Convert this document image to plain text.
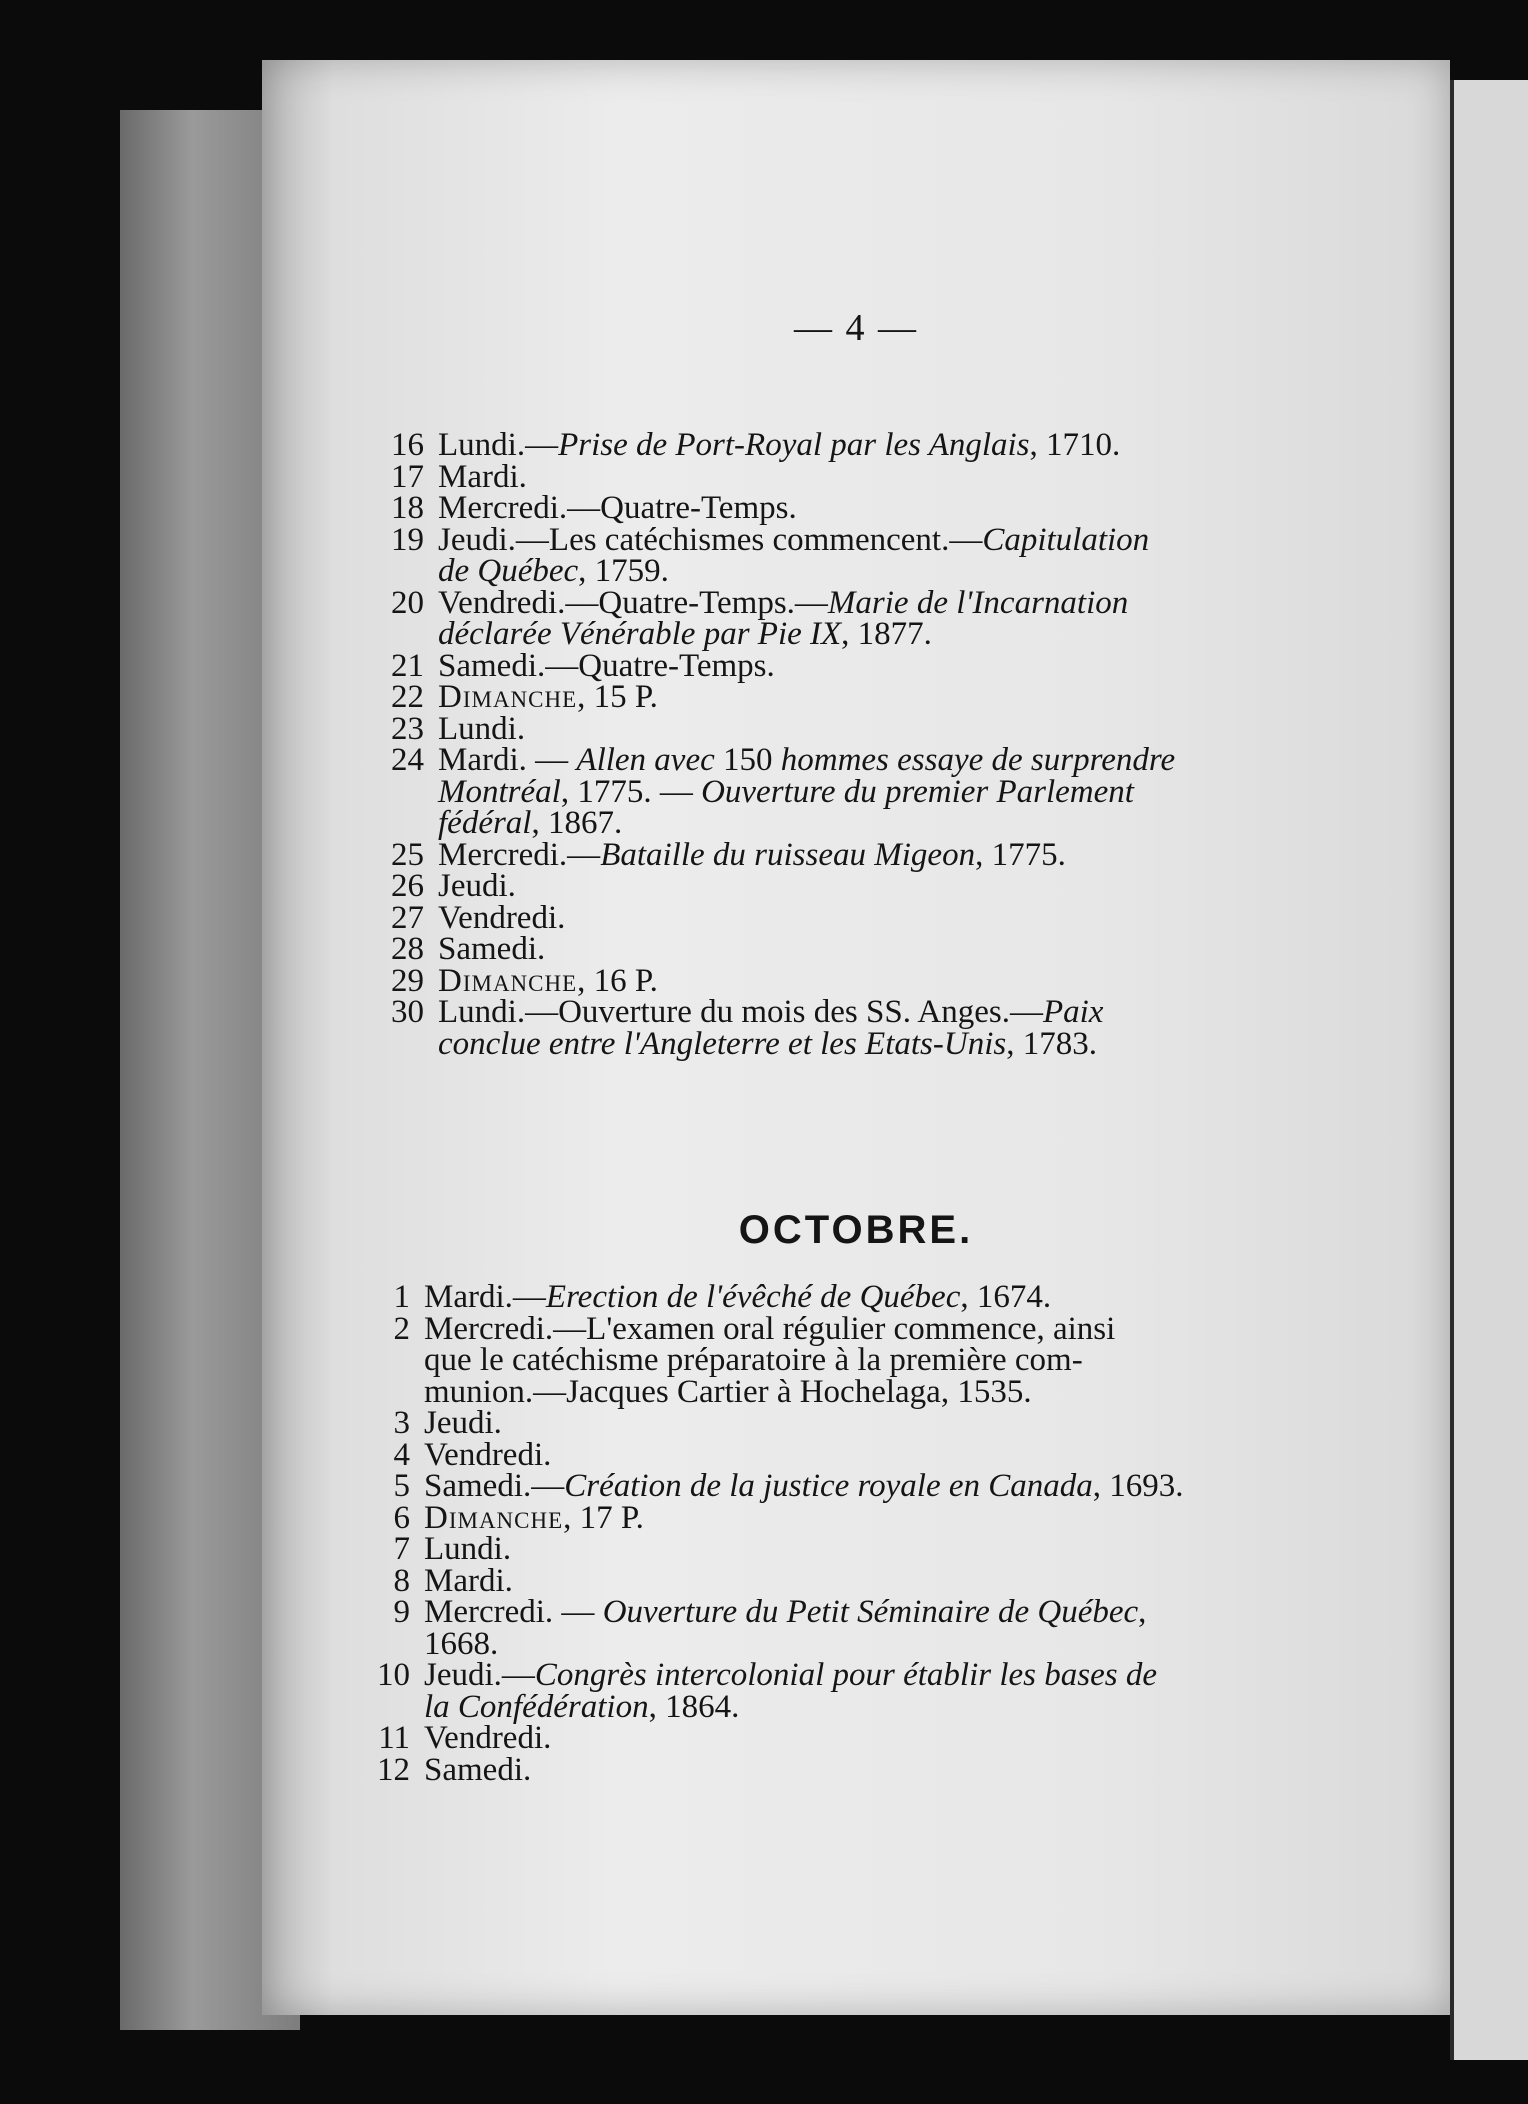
— 4 —
16 Lundi.—Prise de Port-Royal par les Anglais, 1710.
17 Mardi.
18 Mercredi.—Quatre-Temps.
19 Jeudi.—Les catéchismes commencent.—Capitulation
de Québec, 1759.
20 Vendredi.—Quatre-Temps.—Marie de l'Incarnation
déclarée Vénérable par Pie IX, 1877.
21 Samedi.—Quatre-Temps.
22 Dimanche, 15 P.
23 Lundi.
24 Mardi. — Allen avec 150 hommes essaye de surprendre
Montréal, 1775. — Ouverture du premier Parlement
fédéral, 1867.
25 Mercredi.—Bataille du ruisseau Migeon, 1775.
26 Jeudi.
27 Vendredi.
28 Samedi.
29 Dimanche, 16 P.
30 Lundi.—Ouverture du mois des SS. Anges.—Paix
conclue entre l'Angleterre et les Etats-Unis, 1783.
OCTOBRE.
1 Mardi.—Erection de l'évêché de Québec, 1674.
2 Mercredi.—L'examen oral régulier commence, ainsi
que le catéchisme préparatoire à la première com-
munion.—Jacques Cartier à Hochelaga, 1535.
3 Jeudi.
4 Vendredi.
5 Samedi.—Création de la justice royale en Canada, 1693.
6 Dimanche, 17 P.
7 Lundi.
8 Mardi.
9 Mercredi. — Ouverture du Petit Séminaire de Québec,
1668.
10 Jeudi.—Congrès intercolonial pour établir les bases de
la Confédération, 1864.
11 Vendredi.
12 Samedi.
